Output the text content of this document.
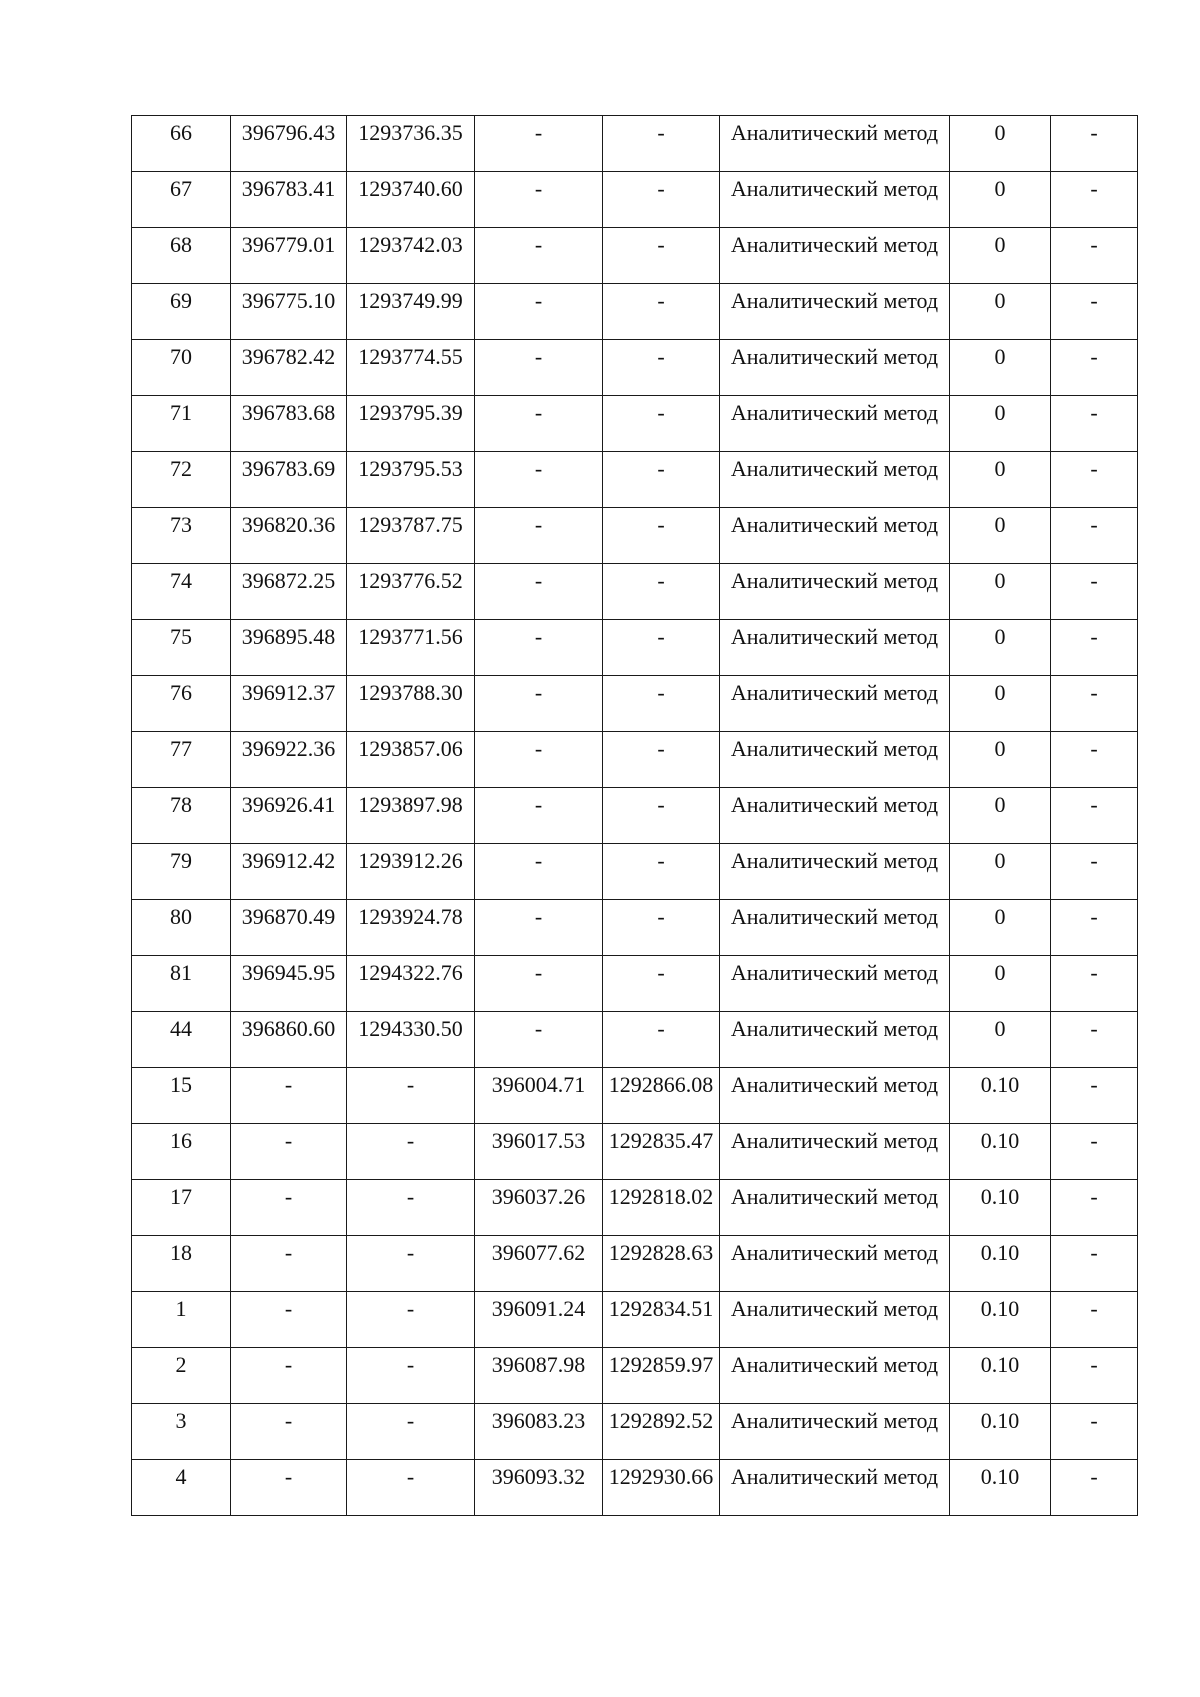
66	396796.43	1293736.35	-	-	Аналитический метод	0	-

67	396783.41	1293740.60	-	-	Аналитический метод	0	-

68	396779.01	1293742.03	-	-	Аналитический метод	0	-

69	396775.10	1293749.99	-	-	Аналитический метод	0	-

70	396782.42	1293774.55	-	-	Аналитический метод	0	-

71	396783.68	1293795.39	-	-	Аналитический метод	0	-

72	396783.69	1293795.53	-	-	Аналитический метод	0	-

73	396820.36	1293787.75	-	-	Аналитический метод	0	-

74	396872.25	1293776.52	-	-	Аналитический метод	0	-

75	396895.48	1293771.56	-	-	Аналитический метод	0	-

76	396912.37	1293788.30	-	-	Аналитический метод	0	-

77	396922.36	1293857.06	-	-	Аналитический метод	0	-

78	396926.41	1293897.98	-	-	Аналитический метод	0	-

79	396912.42	1293912.26	-	-	Аналитический метод	0	-

80	396870.49	1293924.78	-	-	Аналитический метод	0	-

81	396945.95	1294322.76	-	-	Аналитический метод	0	-

44	396860.60	1294330.50	-	-	Аналитический метод	0	-

15	-	-	396004.71	1292866.08	Аналитический метод	0.10	-

16	-	-	396017.53	1292835.47	Аналитический метод	0.10	-

17	-	-	396037.26	1292818.02	Аналитический метод	0.10	-

18	-	-	396077.62	1292828.63	Аналитический метод	0.10	-

1	-	-	396091.24	1292834.51	Аналитический метод	0.10	-

2	-	-	396087.98	1292859.97	Аналитический метод	0.10	-

3	-	-	396083.23	1292892.52	Аналитический метод	0.10	-

4	-	-	396093.32	1292930.66	Аналитический метод	0.10	-
